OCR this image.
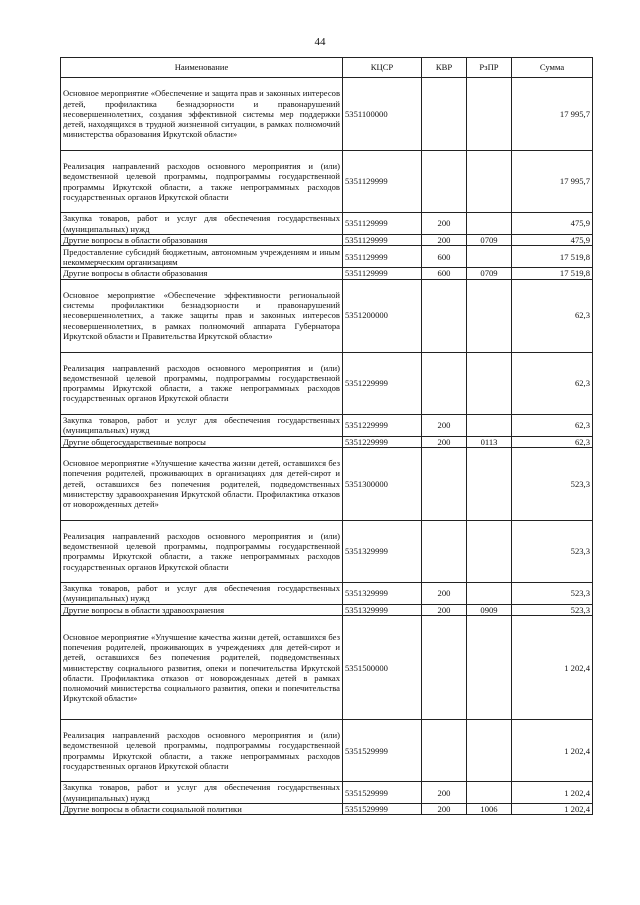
44
Наименование	КЦСР	КВР	РзПР	Сумма
Основное мероприятие «Обеспечение и защита прав и законных интересов детей, профилактика безнадзорности и правонарушений несовершеннолетних, создания эффективной системы мер поддержки детей, находящихся в трудной жизненной ситуации, в рамках полномочий министерства образования Иркутской области»	5351100000			17 995,7
Реализация направлений расходов основного мероприятия и (или) ведомственной целевой программы, подпрограммы государственной программы Иркутской области, а также непрограммных расходов государственных органов Иркутской области	5351129999			17 995,7
Закупка товаров, работ и услуг для обеспечения государственных (муниципальных) нужд	5351129999	200		475,9
Другие вопросы в области образования	5351129999	200	0709	475,9
Предоставление субсидий бюджетным, автономным учреждениям и иным некоммерческим организациям	5351129999	600		17 519,8
Другие вопросы в области образования	5351129999	600	0709	17 519,8
Основное мероприятие «Обеспечение эффективности региональной системы профилактики безнадзорности и правонарушений несовершеннолетних, а также защиты прав и законных интересов несовершеннолетних, в рамках полномочий аппарата Губернатора Иркутской области и Правительства Иркутской области»	5351200000			62,3
Реализация направлений расходов основного мероприятия и (или) ведомственной целевой программы, подпрограммы государственной программы Иркутской области, а также непрограммных расходов государственных органов Иркутской области	5351229999			62,3
Закупка товаров, работ и услуг для обеспечения государственных (муниципальных) нужд	5351229999	200		62,3
Другие общегосударственные вопросы	5351229999	200	0113	62,3
Основное мероприятие «Улучшение качества жизни детей, оставшихся без попечения родителей, проживающих в организациях для детей-сирот и детей, оставшихся без попечения родителей, подведомственных министерству здравоохранения Иркутской области. Профилактика отказов от новорожденных детей»	5351300000			523,3
Реализация направлений расходов основного мероприятия и (или) ведомственной целевой программы, подпрограммы государственной программы Иркутской области, а также непрограммных расходов государственных органов Иркутской области	5351329999			523,3
Закупка товаров, работ и услуг для обеспечения государственных (муниципальных) нужд	5351329999	200		523,3
Другие вопросы в области здравоохранения	5351329999	200	0909	523,3
Основное мероприятие «Улучшение качества жизни детей, оставшихся без попечения родителей, проживающих в учреждениях для детей-сирот и детей, оставшихся без попечения родителей, подведомственных министерству социального развития, опеки и попечительства Иркутской области. Профилактика отказов от новорожденных детей в рамках полномочий министерства социального развития, опеки и попечительства Иркутской области»	5351500000			1 202,4
Реализация направлений расходов основного мероприятия и (или) ведомственной целевой программы, подпрограммы государственной программы Иркутской области, а также непрограммных расходов государственных органов Иркутской области	5351529999			1 202,4
Закупка товаров, работ и услуг для обеспечения государственных (муниципальных) нужд	5351529999	200		1 202,4
Другие вопросы в области социальной политики	5351529999	200	1006	1 202,4
